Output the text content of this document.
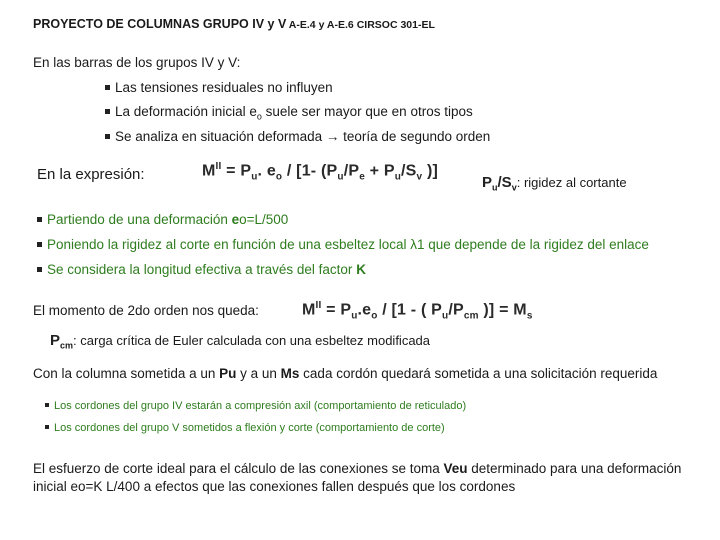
PROYECTO DE COLUMNAS GRUPO IV y V A-E.4 y A-E.6 CIRSOC 301-EL
En las barras de los grupos IV y V:
Las tensiones residuales no influyen
La deformación inicial $e_o$ suele ser mayor que en otros tipos
Se analiza en situación deformada → teoría de segundo orden
En la expresión:	$M^{II} = P_u$. $e_o / [1-$ ($P_u/P_e + P_u/S_v$ )]
$P_u/S_v$: rigidez al cortante
Partiendo de una deformación eo=L/500
Poniendo la rigidez al corte en función de una esbeltez local λ1 que depende de la rigidez del enlace
Se considera la longitud efectiva a través del factor K
El momento de 2do orden nos queda:	$M^{II} = P_u.e_o / [1$ - ( $P_u/P_{cm}$ )] = $M_s$
$P_{cm}$: carga crítica de Euler calculada con una esbeltez modificada
Con la columna sometida a un Pu y a un Ms cada cordón quedará sometida a una solicitación requerida
Los cordones del grupo IV estarán a compresión axil (comportamiento de reticulado)
Los cordones del grupo V sometidos a flexión y corte (comportamiento de corte)
El esfuerzo de corte ideal para el cálculo de las conexiones se toma Veu determinado para una deformación inicial eo=K L/400 a efectos que las conexiones fallen después que los cordones
